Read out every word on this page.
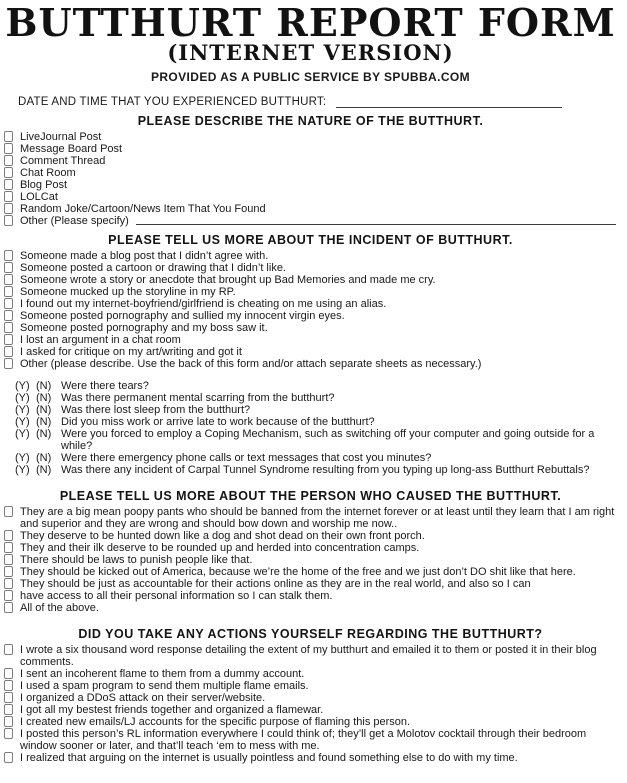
BUTTHURT REPORT FORM
(INTERNET VERSION)
PROVIDED AS A PUBLIC SERVICE BY SPUBBA.COM
DATE AND TIME THAT YOU EXPERIENCED BUTTHURT:
PLEASE DESCRIBE THE NATURE OF THE BUTTHURT.
LiveJournal Post
Message Board Post
Comment Thread
Chat Room
Blog Post
LOLCat
Random Joke/Cartoon/News Item That You Found
Other (Please specify)
PLEASE TELL US MORE ABOUT THE INCIDENT OF BUTTHURT.
Someone made a blog post that I didn’t agree with.
Someone posted a cartoon or drawing that I didn’t like.
Someone wrote a story or anecdote that brought up Bad Memories and made me cry.
Someone mucked up the storyline in my RP.
I found out my internet-boyfriend/girlfriend is cheating on me using an alias.
Someone posted pornography and sullied my innocent virgin eyes.
Someone posted pornography and my boss saw it.
I lost an argument in a chat room
I asked for critique on my art/writing and got it
Other (please describe. Use the back of this form and/or attach separate sheets as necessary.)
(Y) (N) Were there tears?
(Y) (N) Was there permanent mental scarring from the butthurt?
(Y) (N) Was there lost sleep from the butthurt?
(Y) (N) Did you miss work or arrive late to work because of the butthurt?
(Y) (N) Were you forced to employ a Coping Mechanism, such as switching off your computer and going outside for a while?
(Y) (N) Were there emergency phone calls or text messages that cost you minutes?
(Y) (N) Was there any incident of Carpal Tunnel Syndrome resulting from you typing up long-ass Butthurt Rebuttals?
PLEASE TELL US MORE ABOUT THE PERSON WHO CAUSED THE BUTTHURT.
They are a big mean poopy pants who should be banned from the internet forever or at least until they learn that I am right and superior and they are wrong and should bow down and worship me now..
They deserve to be hunted down like a dog and shot dead on their own front porch.
They and their ilk deserve to be rounded up and herded into concentration camps.
There should be laws to punish people like that.
They should be kicked out of America, because we’re the home of the free and we just don’t DO shit like that here.
They should be just as accountable for their actions online as they are in the real world, and also so I can
have access to all their personal information so I can stalk them.
All of the above.
DID YOU TAKE ANY ACTIONS YOURSELF REGARDING THE BUTTHURT?
I wrote a six thousand word response detailing the extent of my butthurt and emailed it to them or posted it in their blog comments.
I sent an incoherent flame to them from a dummy account.
I used a spam program to send them multiple flame emails.
I organized a DDoS attack on their server/website.
I got all my bestest friends together and organized a flamewar.
I created new emails/LJ accounts for the specific purpose of flaming this person.
I posted this person’s RL information everywhere I could think of; they’ll get a Molotov cocktail through their bedroom window sooner or later, and that’ll teach ‘em to mess with me.
I realized that arguing on the internet is usually pointless and found something else to do with my time.
